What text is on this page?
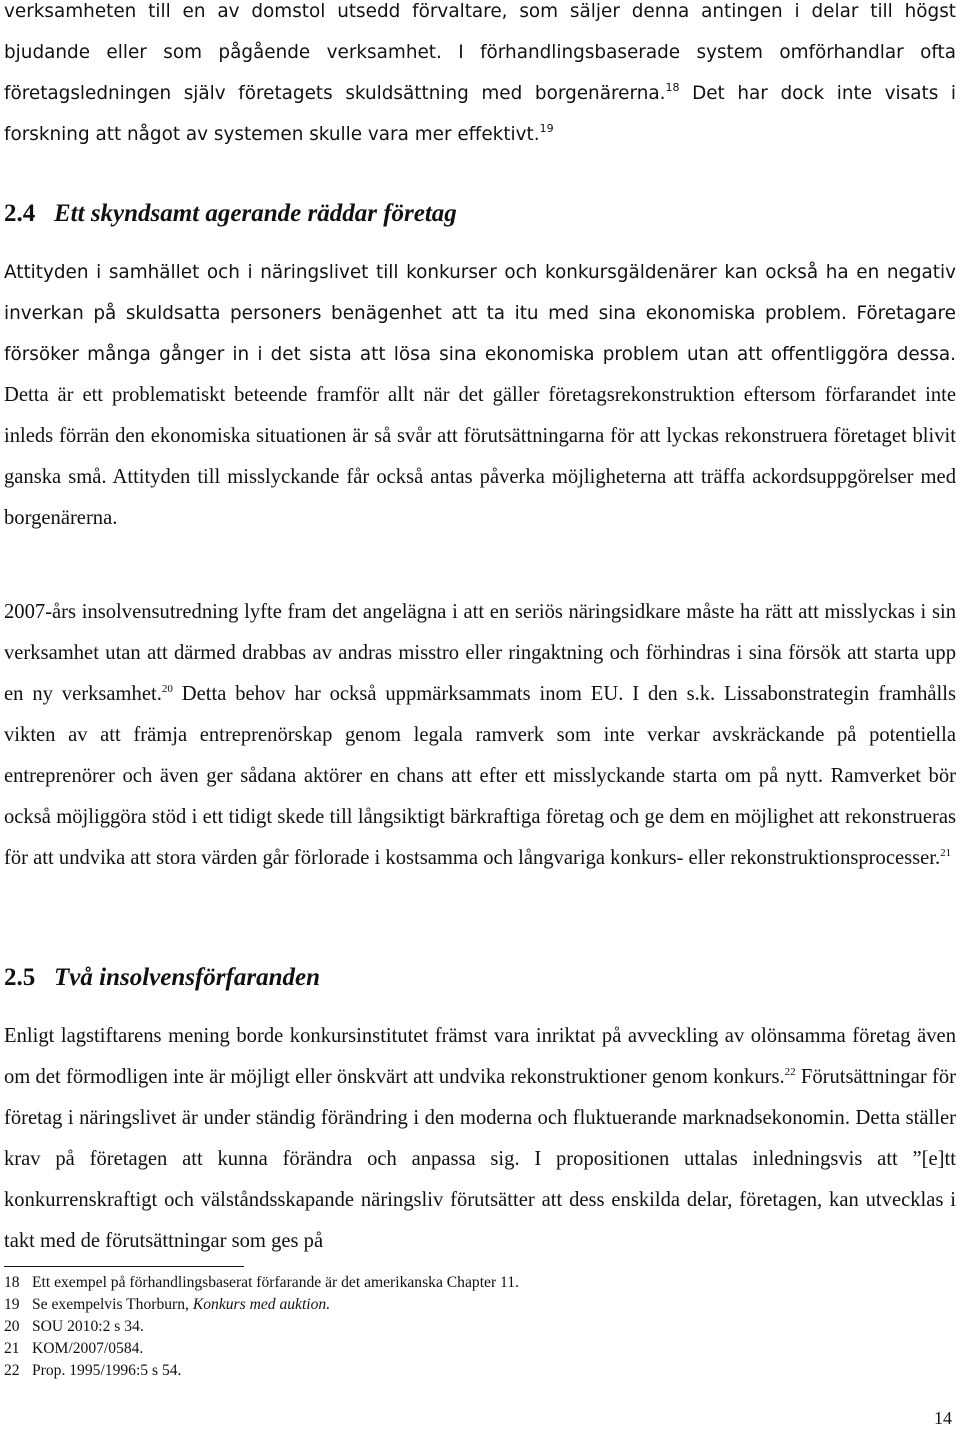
verksamheten till en av domstol utsedd förvaltare, som säljer denna antingen i delar till högst bjudande eller som pågående verksamhet. I förhandlingsbaserade system omförhandlar ofta företagsledningen själv företagets skuldsättning med borgenärerna.$^{18}$ Det har dock inte visats i forskning att något av systemen skulle vara mer effektivt.$^{19}$

2.4 Ett skyndsamt agerande räddar företag

Attityden i samhället och i näringslivet till konkurser och konkursgäldenärer kan också ha en negativ inverkan på skuldsatta personers benägenhet att ta itu med sina ekonomiska problem. Företagare försöker många gånger in i det sista att lösa sina ekonomiska problem utan att offentliggöra dessa. Detta är ett problematiskt beteende framför allt när det gäller företagsrekonstruktion eftersom förfarandet inte inleds förrän den ekonomiska situationen är så svår att förutsättningarna för att lyckas rekonstruera företaget blivit ganska små. Attityden till misslyckande får också antas påverka möjligheterna att träffa ackordsuppgörelser med borgenärerna.

2007-års insolvensutredning lyfte fram det angelägna i att en seriös näringsidkare måste ha rätt att misslyckas i sin verksamhet utan att därmed drabbas av andras misstro eller ringaktning och förhindras i sina försök att starta upp en ny verksamhet.$^{20}$ Detta behov har också uppmärksammats inom EU. I den s.k. Lissabonstrategin framhålls vikten av att främja entreprenörskap genom legala ramverk som inte verkar avskräckande på potentiella entreprenörer och även ger sådana aktörer en chans att efter ett misslyckande starta om på nytt. Ramverket bör också möjliggöra stöd i ett tidigt skede till långsiktigt bärkraftiga företag och ge dem en möjlighet att rekonstrueras för att undvika att stora värden går förlorade i kostsamma och långvariga konkurs- eller rekonstruktionsprocesser.$^{21}$

2.5 Två insolvensförfaranden

Enligt lagstiftarens mening borde konkursinstitutet främst vara inriktat på avveckling av olönsamma företag även om det förmodligen inte är möjligt eller önskvärt att undvika rekonstruktioner genom konkurs.$^{22}$ Förutsättningar för företag i näringslivet är under ständig förändring i den moderna och fluktuerande marknadsekonomin. Detta ställer krav på företagen att kunna förändra och anpassa sig. I propositionen uttalas inledningsvis att ”[e]tt konkurrenskraftigt och välståndsskapande näringsliv förutsätter att dess enskilda delar, företagen, kan utvecklas i takt med de förutsättningar som ges på

18 Ett exempel på förhandlingsbaserat förfarande är det amerikanska Chapter 11.
19 Se exempelvis Thorburn, Konkurs med auktion.
20 SOU 2010:2 s 34.
21 KOM/2007/0584.
22 Prop. 1995/1996:5 s 54.
14
